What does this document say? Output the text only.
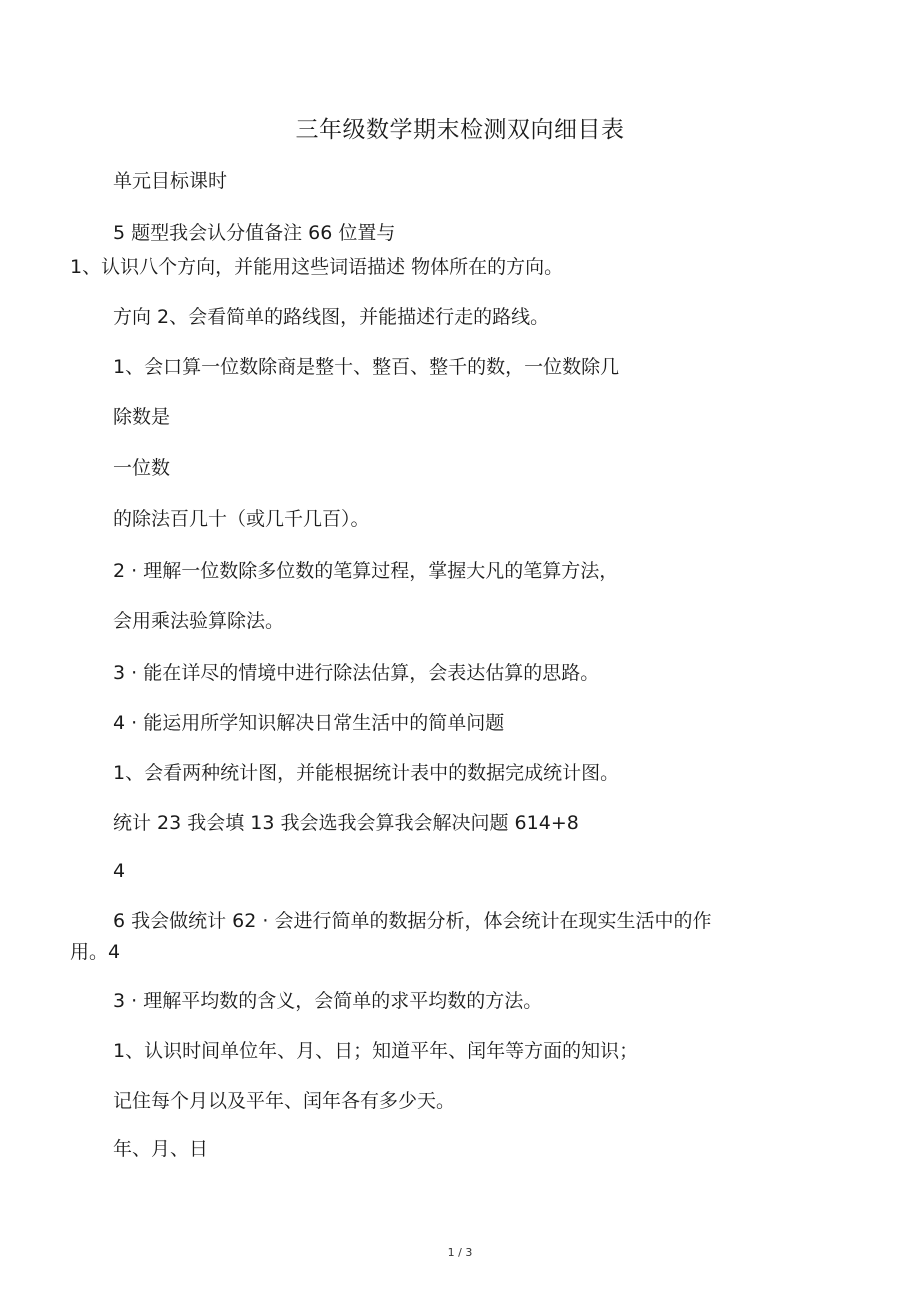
三年级数学期末检测双向细目表
单元目标课时
5 题型我会认分值备注 66 位置与
1、认识八个方向，并能用这些词语描述 物体所在的方向。
方向 2、会看简单的路线图，并能描述行走的路线。
1、会口算一位数除商是整十、整百、整千的数，一位数除几
除数是
一位数
的除法百几十（或几千几百）。
2 · 理解一位数除多位数的笔算过程，掌握大凡的笔算方法，
会用乘法验算除法。
3 · 能在详尽的情境中进行除法估算，会表达估算的思路。
4 · 能运用所学知识解决日常生活中的简单问题
1、会看两种统计图，并能根据统计表中的数据完成统计图。
统计 23 我会填 13 我会选我会算我会解决问题 614+8
4
6 我会做统计 62 · 会进行简单的数据分析，体会统计在现实生活中的作
用。4
3 · 理解平均数的含义，会简单的求平均数的方法。
1、认识时间单位年、月、日；知道平年、闰年等方面的知识；
记住每个月以及平年、闰年各有多少天。
年、月、日
1 / 3
